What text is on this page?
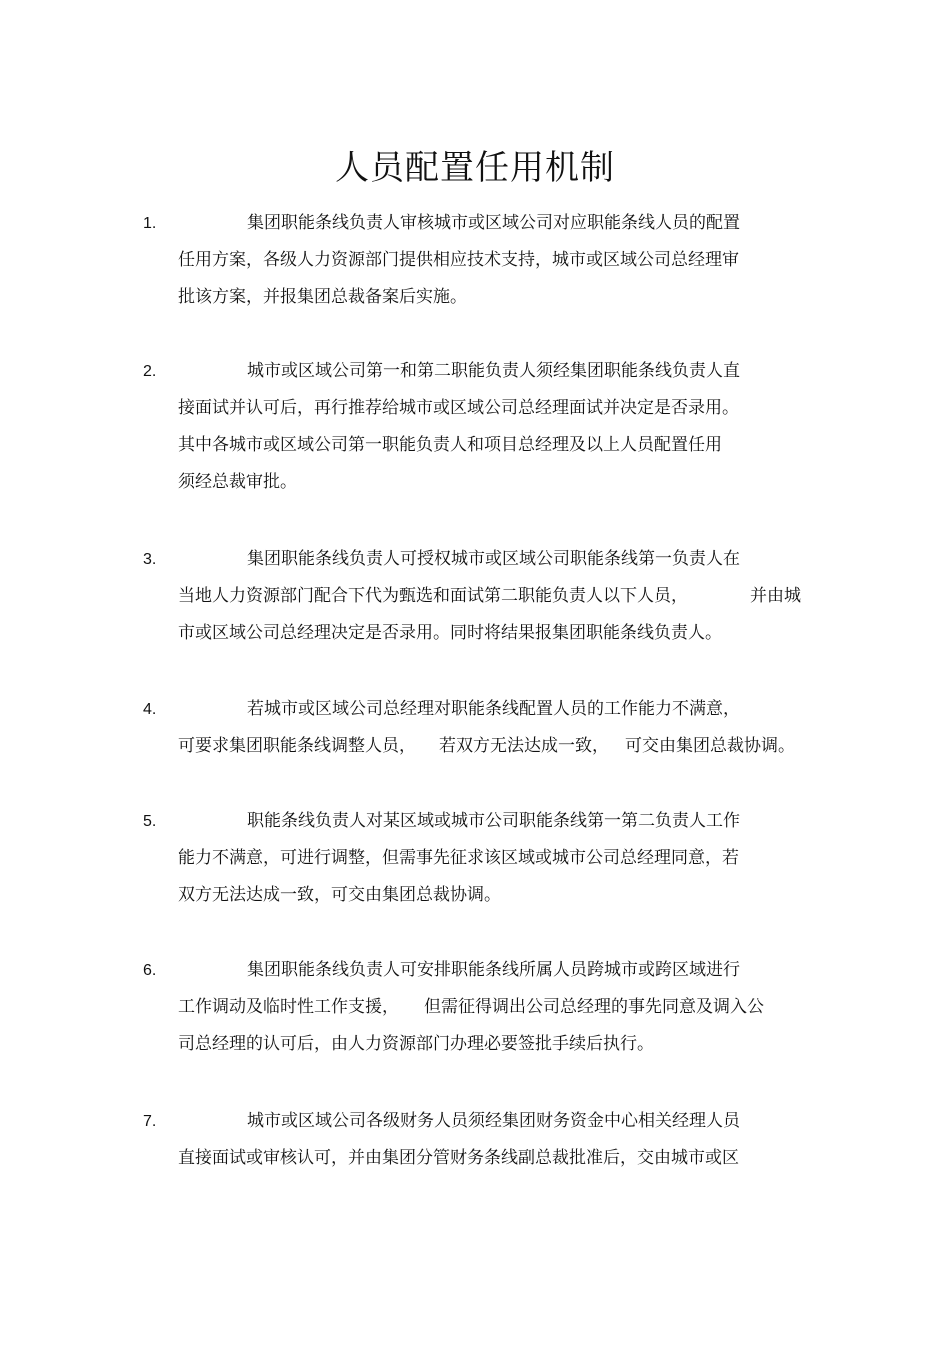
人员配置任用机制
1.	集团职能条线负责人审核城市或区域公司对应职能条线人员的配置
任用方案，各级人力资源部门提供相应技术支持，城市或区域公司总经理审
批该方案，并报集团总裁备案后实施。
2.	城市或区域公司第一和第二职能负责人须经集团职能条线负责人直
接面试并认可后，再行推荐给城市或区域公司总经理面试并决定是否录用。
其中各城市或区域公司第一职能负责人和项目总经理及以上人员配置任用
须经总裁审批。
3.	集团职能条线负责人可授权城市或区域公司职能条线第一负责人在
当地人力资源部门配合下代为甄选和面试第二职能负责人以下人员，	并由城
市或区域公司总经理决定是否录用。同时将结果报集团职能条线负责人。
4.	若城市或区域公司总经理对职能条线配置人员的工作能力不满意，
可要求集团职能条线调整人员， 若双方无法达成一致， 可交由集团总裁协调。
5.	职能条线负责人对某区域或城市公司职能条线第一第二负责人工作
能力不满意，可进行调整，但需事先征求该区域或城市公司总经理同意，若
双方无法达成一致，可交由集团总裁协调。
6.	集团职能条线负责人可安排职能条线所属人员跨城市或跨区域进行
工作调动及临时性工作支援， 但需征得调出公司总经理的事先同意及调入公
司总经理的认可后，由人力资源部门办理必要签批手续后执行。
7.	城市或区域公司各级财务人员须经集团财务资金中心相关经理人员
直接面试或审核认可，并由集团分管财务条线副总裁批准后，交由城市或区
